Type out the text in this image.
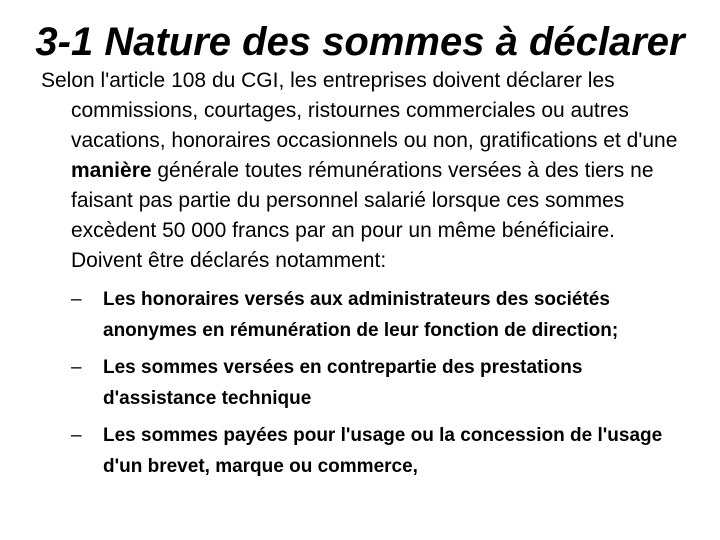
3-1 Nature des sommes à déclarer

Selon l'article 108 du CGI, les entreprises doivent déclarer les commissions, courtages, ristournes commerciales ou autres vacations, honoraires occasionnels ou non, gratifications et d'une manière générale toutes rémunérations versées à des tiers ne faisant pas partie du personnel salarié lorsque ces sommes excèdent 50 000 francs par an pour un même bénéficiaire. Doivent être déclarés notamment:

– Les honoraires versés aux administrateurs des sociétés anonymes en rémunération de leur fonction de direction;
– Les sommes versées en contrepartie des prestations d'assistance technique
– Les sommes payées pour l'usage ou la concession de l'usage d'un brevet, marque ou commerce,
